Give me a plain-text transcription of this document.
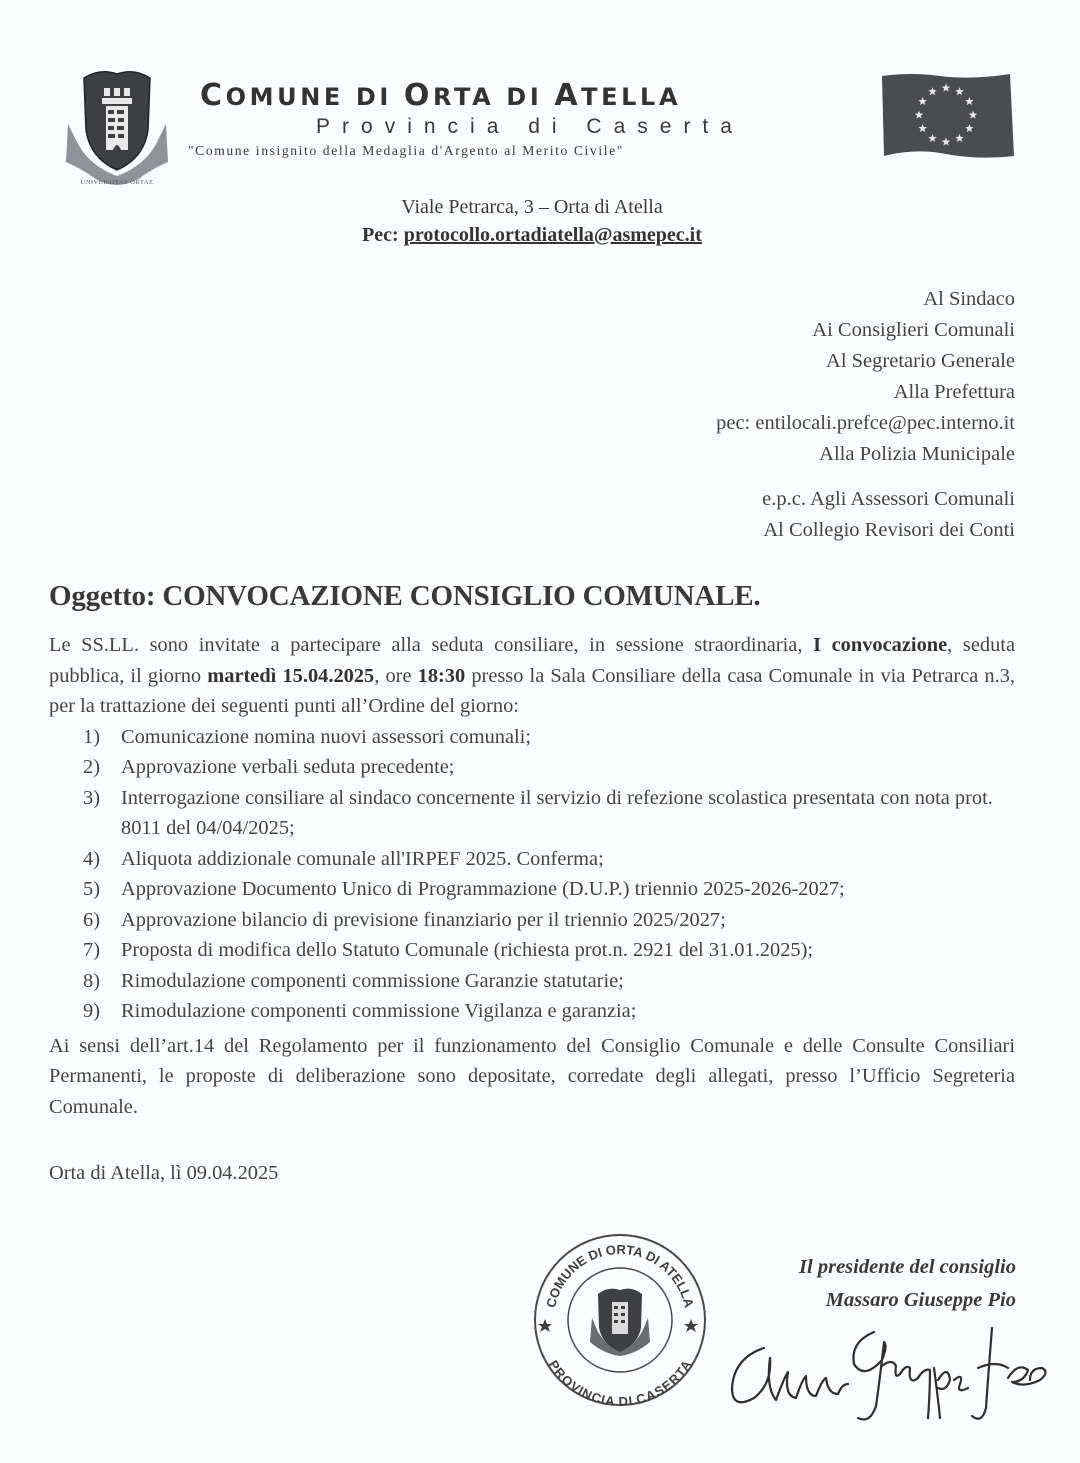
UNIVERSITAS ORTAE
COMUNE DI ORTA DI ATELLA
Provincia di Caserta
"Comune insignito della Medaglia d'Argento al Merito Civile"
Viale Petrarca, 3 – Orta di Atella
Pec: protocollo.ortadiatella@asmepec.it
Al Sindaco
Ai Consiglieri Comunali
Al Segretario Generale
Alla Prefettura
pec: entilocali.prefce@pec.interno.it
Alla Polizia Municipale
e.p.c. Agli Assessori Comunali
Al Collegio Revisori dei Conti
Oggetto: CONVOCAZIONE CONSIGLIO COMUNALE.

Le SS.LL. sono invitate a partecipare alla seduta consiliare, in sessione straordinaria, I convocazione, seduta pubblica, il giorno martedì 15.04.2025, ore 18:30 presso la Sala Consiliare della casa Comunale in via Petrarca n.3, per la trattazione dei seguenti punti all’Ordine del giorno:

1)	Comunicazione nomina nuovi assessori comunali;
2)	Approvazione verbali seduta precedente;
3)	Interrogazione consiliare al sindaco concernente il servizio di refezione scolastica presentata con nota prot. 8011 del 04/04/2025;
4)	Aliquota addizionale comunale all'IRPEF 2025. Conferma;
5)	Approvazione Documento Unico di Programmazione (D.U.P.) triennio 2025-2026-2027;
6)	Approvazione bilancio di previsione finanziario per il triennio 2025/2027;
7)	Proposta di modifica dello Statuto Comunale (richiesta prot.n. 2921 del 31.01.2025);
8)	Rimodulazione componenti commissione Garanzie statutarie;
9)	Rimodulazione componenti commissione Vigilanza e garanzia;

Ai sensi dell’art.14 del Regolamento per il funzionamento del Consiglio Comunale e delle Consulte Consiliari Permanenti, le proposte di deliberazione sono depositate, corredate degli allegati, presso l’Ufficio Segreteria Comunale.

Orta di Atella, lì 09.04.2025
COMUNE DI ORTA DI ATELLA
PROVINCIA DI CASERTA
Il presidente del consiglio
Massaro Giuseppe Pio
